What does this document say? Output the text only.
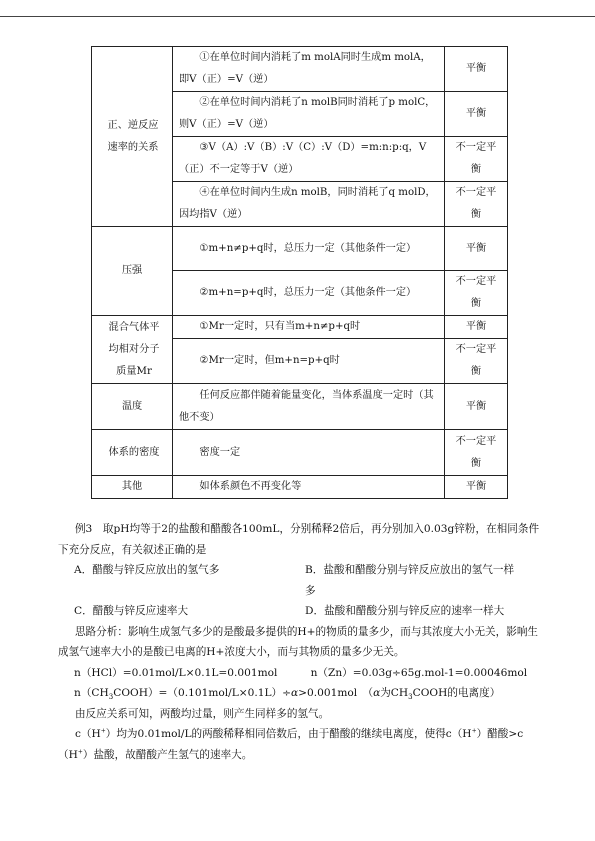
正、逆反应速率的关系	①在单位时间内消耗了m molA同时生成m molA，即V（正）=V（逆）	平衡
	②在单位时间内消耗了n molB同时消耗了p molC，则V（正）=V（逆）	平衡
	③V（A）:V（B）:V（C）:V（D）=m:n:p:q，V（正）不一定等于V（逆）	不一定平衡
	④在单位时间内生成n molB，同时消耗了q molD，因均指V（逆）	不一定平衡
压强	①m+n≠p+q时，总压力一定（其他条件一定）	平衡
	②m+n=p+q时，总压力一定（其他条件一定）	不一定平衡
混合气体平均相对分子质量Mr	①Mr一定时，只有当m+n≠p+q时	平衡
	②Mr一定时，但m+n=p+q时	不一定平衡
温度	任何反应都伴随着能量变化，当体系温度一定时（其他不变）	平衡
体系的密度	密度一定	不一定平衡
其他	如体系颜色不再变化等	平衡

例3　取pH均等于2的盐酸和醋酸各100mL，分别稀释2倍后，再分别加入0.03g锌粉，在相同条件下充分反应，有关叙述正确的是

A．醋酸与锌反应放出的氢气多	B．盐酸和醋酸分别与锌反应放出的氢气一样多
C．醋酸与锌反应速率大	D．盐酸和醋酸分别与锌反应的速率一样大

思路分析：影响生成氢气多少的是酸最多提供的H+的物质的量多少，而与其浓度大小无关，影响生成氢气速率大小的是酸已电离的H+浓度大小，而与其物质的量多少无关。

n（HCl）=0.01mol/L×0.1L=0.001mol	n（Zn）=0.03g÷65g.mol-1=0.00046mol

$n(CH_3COOH)=(0.101mol/L\times 0.1L)\div\alpha>0.001mol$　（α为$CH_3COOH$的电离度）

由反应关系可知，两酸均过量，则产生同样多的氢气。

c（H+）均为0.01mol/L的两酸稀释相同倍数后，由于醋酸的继续电离度，使得c（H+）醋酸>c（H+）盐酸，故醋酸产生氢气的速率大。
